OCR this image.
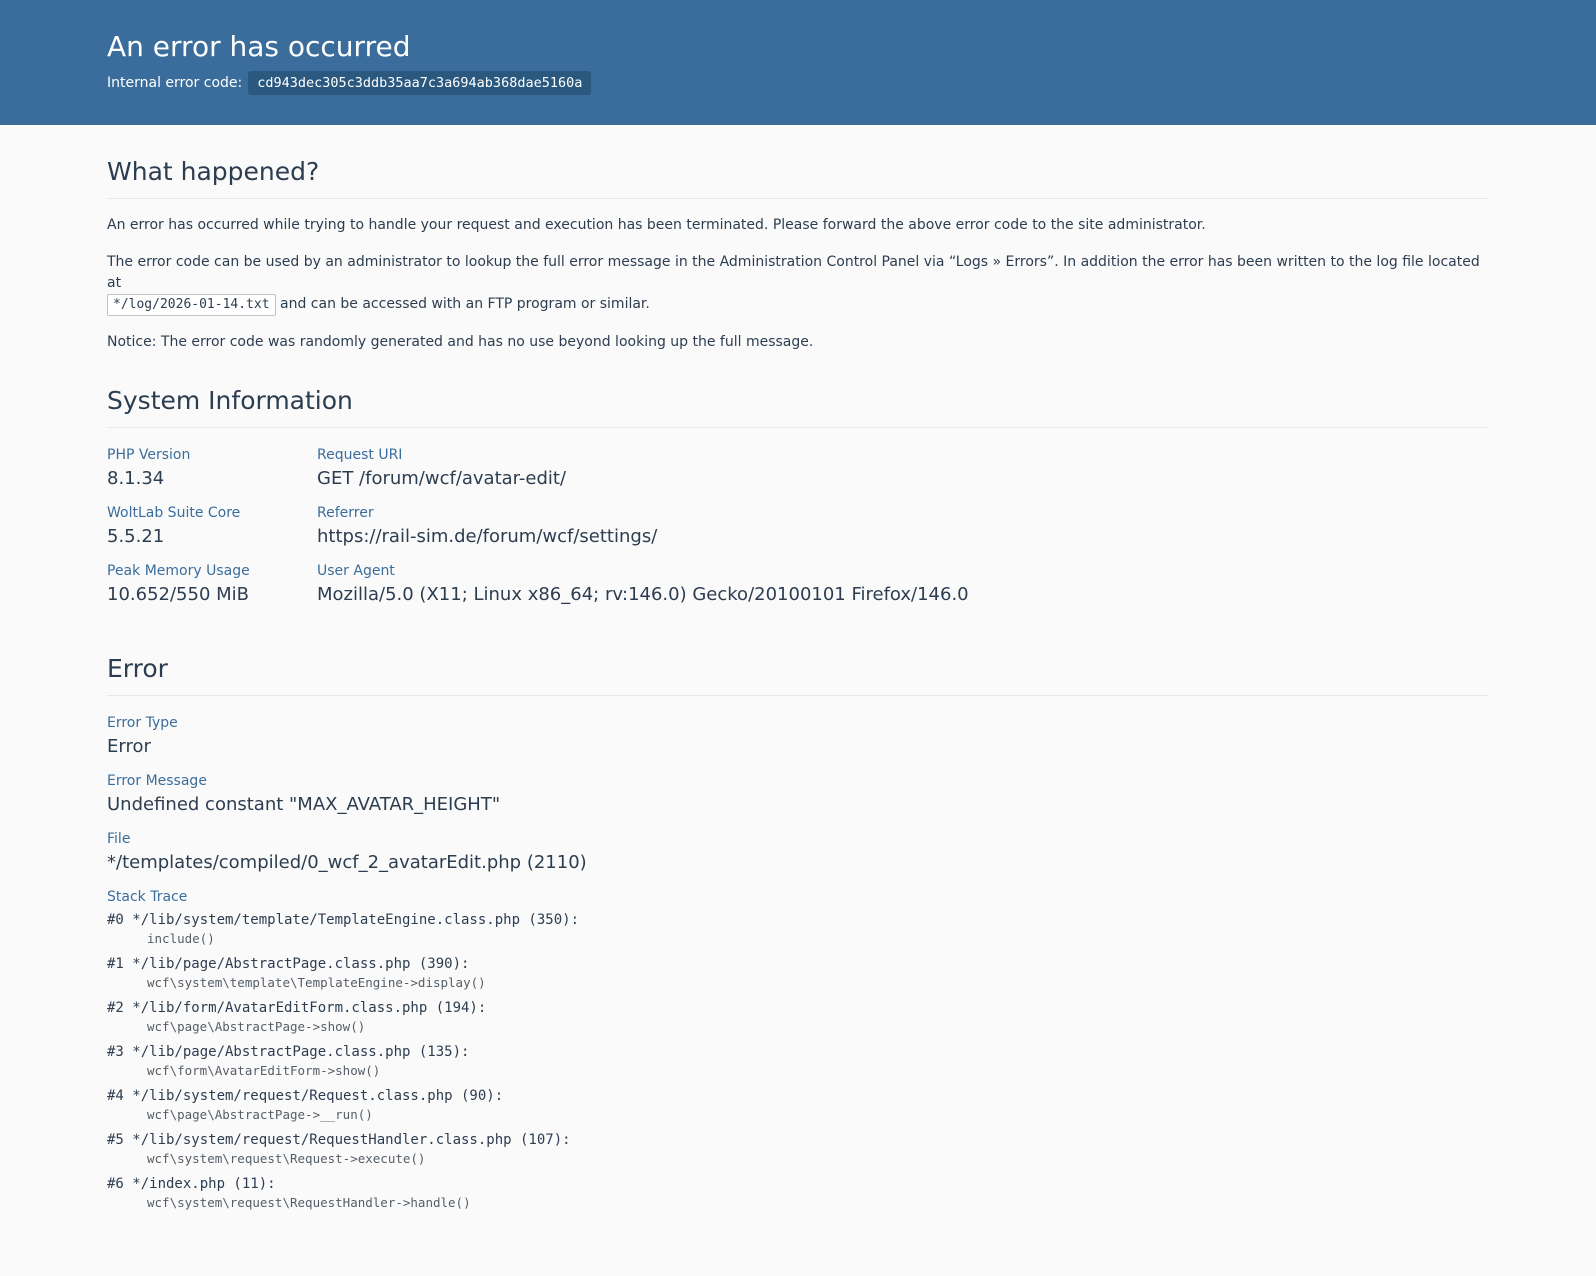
An error has occurred
Internal error code:	cd943dec305c3ddb35aa7c3a694ab368dae5160a
What happened?

An error has occurred while trying to handle your request and execution has been terminated. Please forward the above error code to the site administrator.

The error code can be used by an administrator to lookup the full error message in the Administration Control Panel via “Logs » Errors”. In addition the error has been written to the log file located at
*/log/2026-01-14.txt and can be accessed with an FTP program or similar.

Notice: The error code was randomly generated and has no use beyond looking up the full message.

System Information
PHP Version
8.1.34
WoltLab Suite Core
5.5.21
Peak Memory Usage
10.652/550 MiB
Request URI
GET /forum/wcf/avatar-edit/
Referrer
https://rail-sim.de/forum/wcf/settings/
User Agent
Mozilla/5.0 (X11; Linux x86_64; rv:146.0) Gecko/20100101 Firefox/146.0
Error
Error Type
Error
Error Message
Undefined constant "MAX_AVATAR_HEIGHT"
File
*/templates/compiled/0_wcf_2_avatarEdit.php (2110)
Stack Trace
#0 */lib/system/template/TemplateEngine.class.php (350):
include()
#1 */lib/page/AbstractPage.class.php (390):
wcf\system\template\TemplateEngine->display()
#2 */lib/form/AvatarEditForm.class.php (194):
wcf\page\AbstractPage->show()
#3 */lib/page/AbstractPage.class.php (135):
wcf\form\AvatarEditForm->show()
#4 */lib/system/request/Request.class.php (90):
wcf\page\AbstractPage->__run()
#5 */lib/system/request/RequestHandler.class.php (107):
wcf\system\request\Request->execute()
#6 */index.php (11):
wcf\system\request\RequestHandler->handle()
